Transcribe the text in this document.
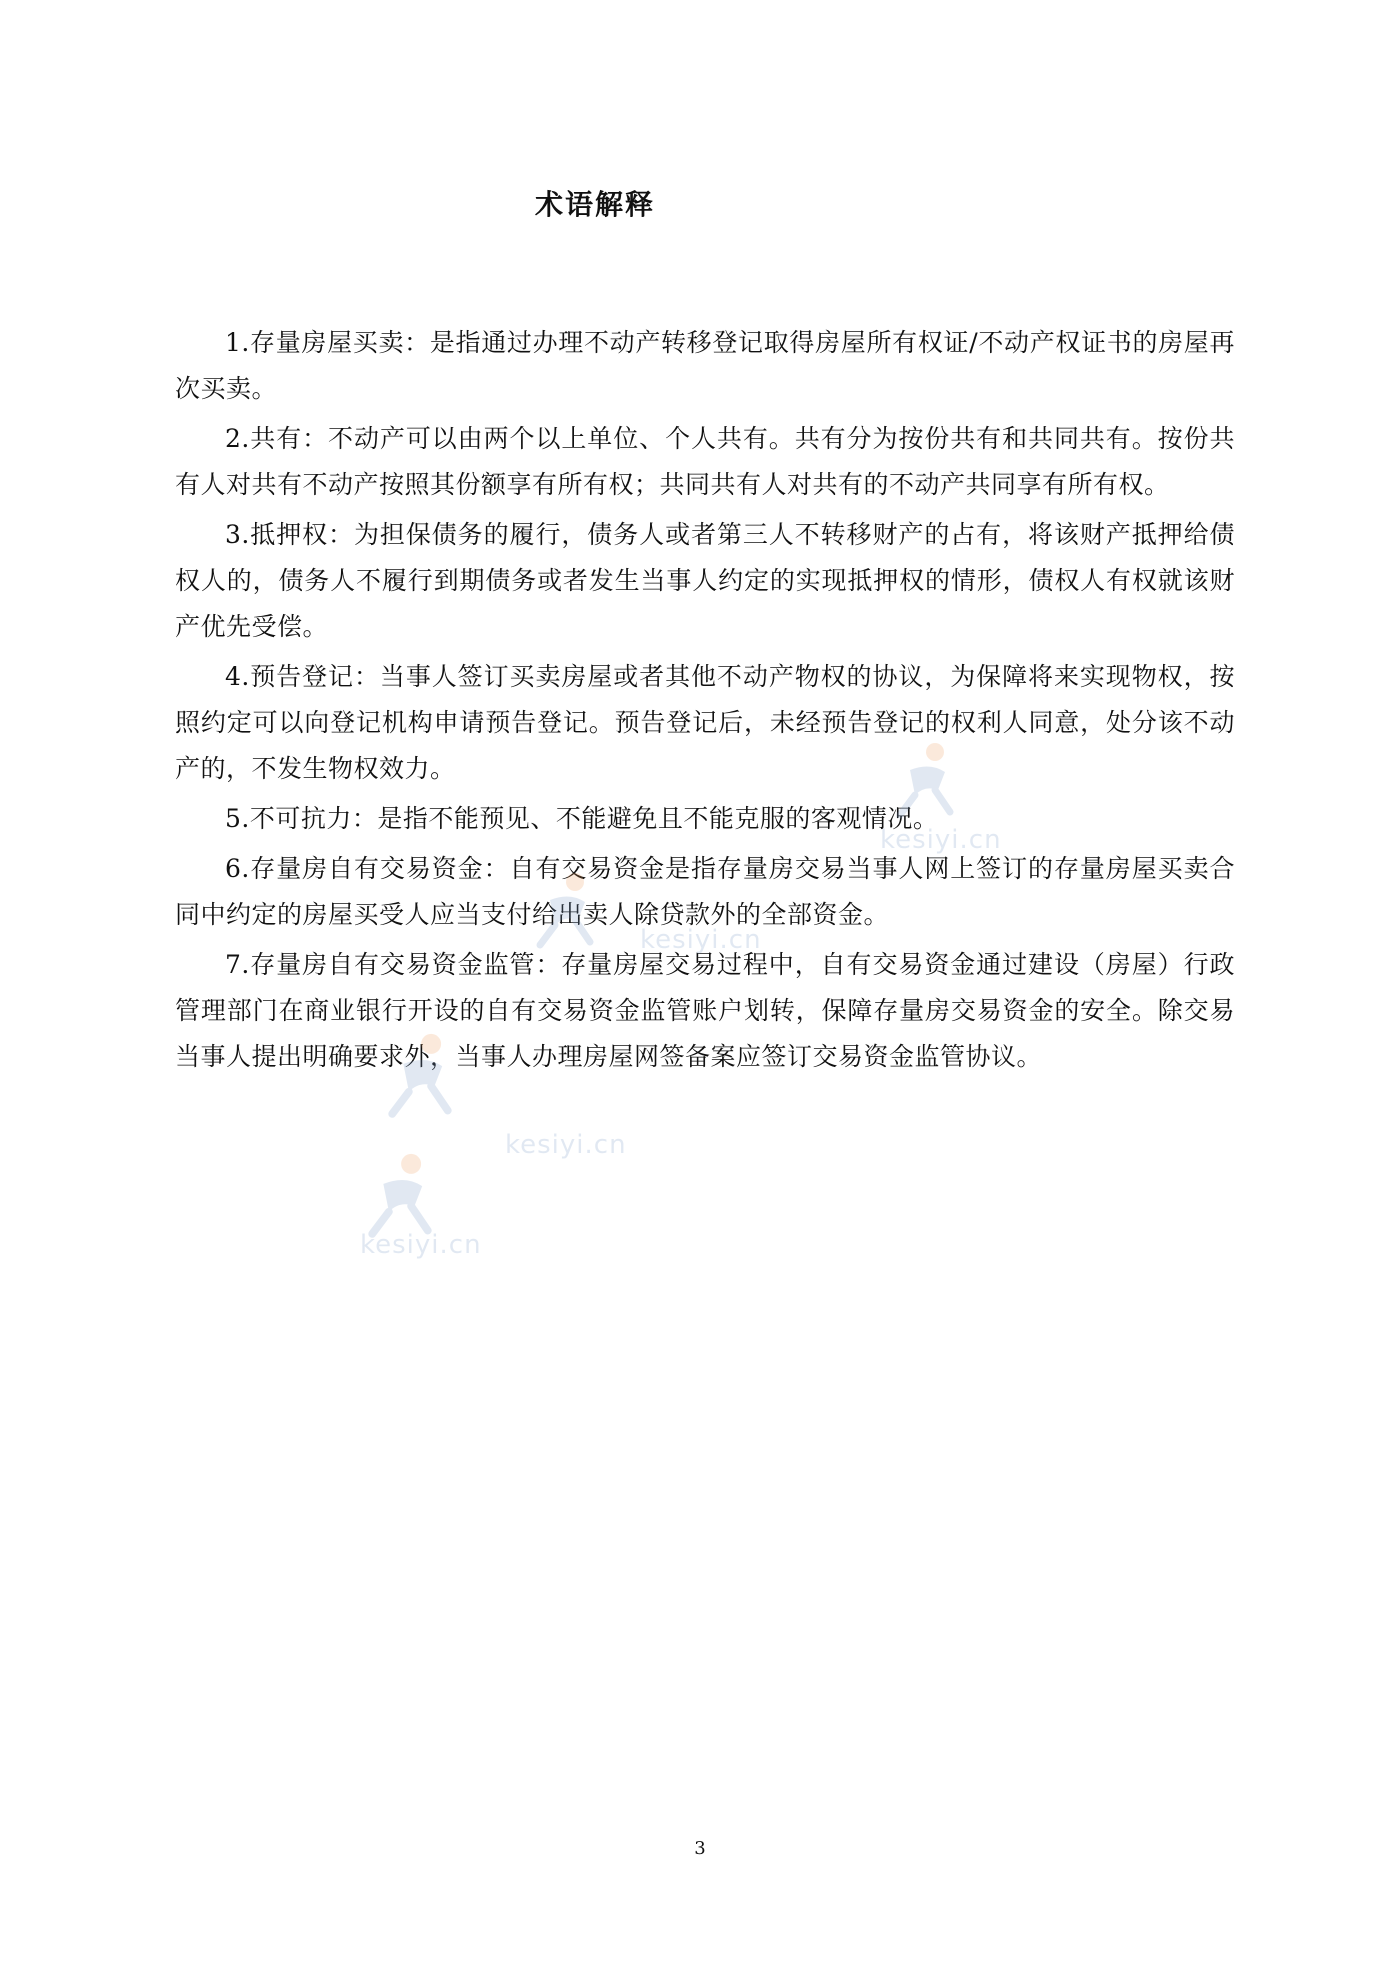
术语解释

1.存量房屋买卖：是指通过办理不动产转移登记取得房屋所有权证/不动产权证书的房屋再次买卖。

2.共有：不动产可以由两个以上单位、个人共有。共有分为按份共有和共同共有。按份共有人对共有不动产按照其份额享有所有权；共同共有人对共有的不动产共同享有所有权。

3.抵押权：为担保债务的履行，债务人或者第三人不转移财产的占有，将该财产抵押给债权人的，债务人不履行到期债务或者发生当事人约定的实现抵押权的情形，债权人有权就该财产优先受偿。

4.预告登记：当事人签订买卖房屋或者其他不动产物权的协议，为保障将来实现物权，按照约定可以向登记机构申请预告登记。预告登记后，未经预告登记的权利人同意，处分该不动产的，不发生物权效力。

5.不可抗力：是指不能预见、不能避免且不能克服的客观情况。

6.存量房自有交易资金：自有交易资金是指存量房交易当事人网上签订的存量房屋买卖合同中约定的房屋买受人应当支付给出卖人除贷款外的全部资金。

7.存量房自有交易资金监管：存量房屋交易过程中，自有交易资金通过建设（房屋）行政管理部门在商业银行开设的自有交易资金监管账户划转，保障存量房交易资金的安全。除交易当事人提出明确要求外，当事人办理房屋网签备案应签订交易资金监管协议。

kesiyi.cn
kesiyi.cn
kesiyi.cn
kesiyi.cn
3
